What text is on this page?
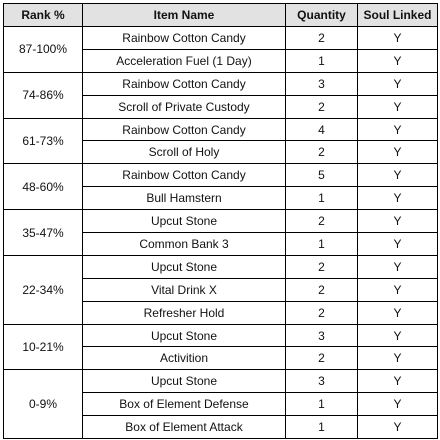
Rank %	Item Name	Quantity	Soul Linked
87-100%	Rainbow Cotton Candy	2	Y
	Acceleration Fuel (1 Day)	1	Y
74-86%	Rainbow Cotton Candy	3	Y
	Scroll of Private Custody	2	Y
61-73%	Rainbow Cotton Candy	4	Y
	Scroll of Holy	2	Y
48-60%	Rainbow Cotton Candy	5	Y
	Bull Hamstern	1	Y
35-47%	Upcut Stone	2	Y
	Common Bank 3	1	Y
22-34%	Upcut Stone	2	Y
	Vital Drink X	2	Y
	Refresher Hold	2	Y
10-21%	Upcut Stone	3	Y
	Activition	2	Y
0-9%	Upcut Stone	3	Y
	Box of Element Defense	1	Y
	Box of Element Attack	1	Y
